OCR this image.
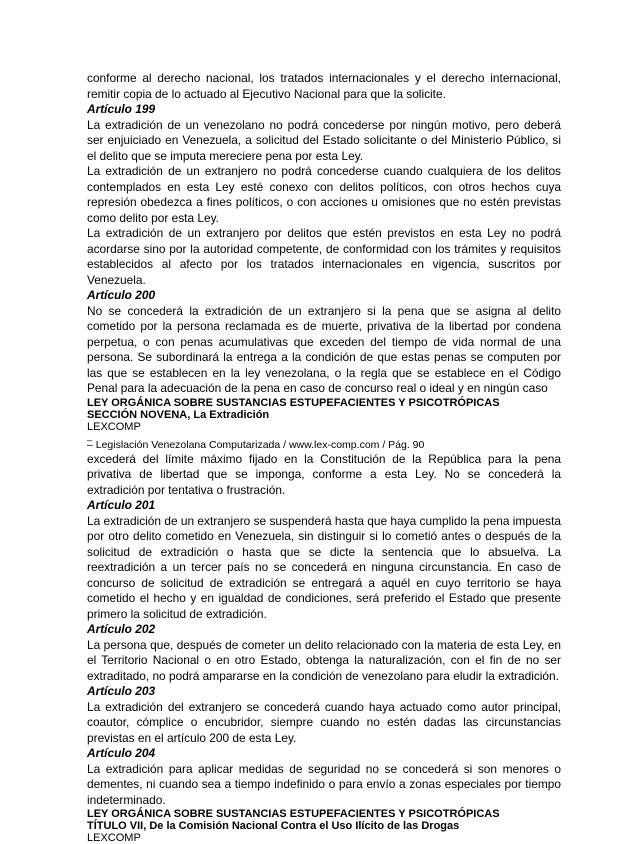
conforme al derecho nacional, los tratados internacionales y el derecho internacional, remitir copia de lo actuado al Ejecutivo Nacional para que la solicite.

Artículo 199

La extradición de un venezolano no podrá concederse por ningún motivo, pero deberá ser enjuiciado en Venezuela, a solicitud del Estado solicitante o del Ministerio Público, si el delito que se imputa mereciere pena por esta Ley.

La extradición de un extranjero no podrá concederse cuando cualquiera de los delitos contemplados en esta Ley esté conexo con delitos políticos, con otros hechos cuya represión obedezca a fines políticos, o con acciones u omisiones que no estén previstas como delito por esta Ley.

La extradición de un extranjero por delitos que estén previstos en esta Ley no podrá acordarse sino por la autoridad competente, de conformidad con los trámites y requisitos establecidos al afecto por los tratados internacionales en vigencia, suscritos por Venezuela.

Artículo 200

No se concederá la extradición de un extranjero si la pena que se asigna al delito cometido por la persona reclamada es de muerte, privativa de la libertad por condena perpetua, o con penas acumulativas que exceden del tiempo de vida normal de una persona. Se subordinará la entrega a la condición de que estas penas se computen por las que se establecen en la ley venezolana, o la regla que se establece en el Código Penal para la adecuación de la pena en caso de concurso real o ideal y en ningún caso

LEY ORGÁNICA SOBRE SUSTANCIAS ESTUPEFACIENTES Y PSICOTRÓPICAS
SECCIÓN NOVENA, La Extradición
LEXCOMP
_
– Legislación Venezolana Computarizada / www.lex-comp.com / Pág. 90

excederá del límite máximo fijado en la Constitución de la República para la pena privativa de libertad que se imponga, conforme a esta Ley. No se concederá la extradición por tentativa o frustración.

Artículo 201

La extradición de un extranjero se suspenderá hasta que haya cumplido la pena impuesta por otro delito cometido en Venezuela, sin distinguir si lo cometió antes o después de la solicitud de extradición o hasta que se dicte la sentencia que lo absuelva. La reextradición a un tercer país no se concederá en ninguna circunstancia. En caso de concurso de solicitud de extradición se entregará a aquél en cuyo territorio se haya cometido el hecho y en igualdad de condiciones, será preferido el Estado que presente primero la solicitud de extradición.

Artículo 202

La persona que, después de cometer un delito relacionado con la materia de esta Ley, en el Territorio Nacional o en otro Estado, obtenga la naturalización, con el fin de no ser extraditado, no podrá ampararse en la condición de venezolano para eludir la extradición.

Artículo 203

La extradición del extranjero se concederá cuando haya actuado como autor principal, coautor, cómplice o encubridor, siempre cuando no estén dadas las circunstancias previstas en el artículo 200 de esta Ley.

Artículo 204

La extradición para aplicar medidas de seguridad no se concederá si son menores o dementes, ni cuando sea a tiempo indefinido o para envío a zonas especiales por tiempo indeterminado.

LEY ORGÁNICA SOBRE SUSTANCIAS ESTUPEFACIENTES Y PSICOTRÓPICAS
TÍTULO VII, De la Comisión Nacional Contra el Uso Ilícito de las Drogas
LEXCOMP
